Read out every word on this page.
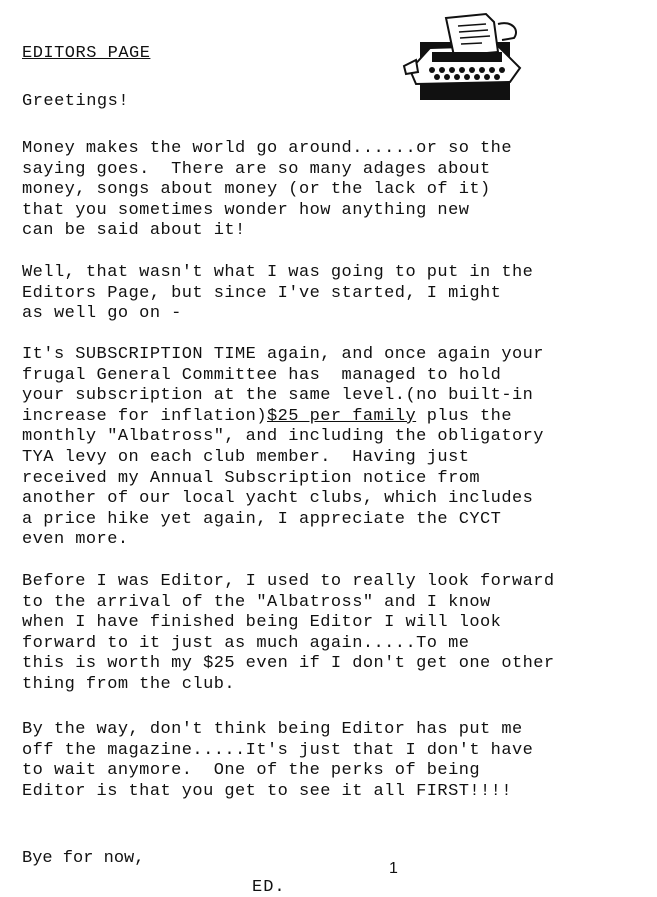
EDITORS PAGE
Greetings!
Money makes the world go around......or so the
saying goes.  There are so many adages about
money, songs about money (or the lack of it)
that you sometimes wonder how anything new
can be said about it!
Well, that wasn't what I was going to put in the
Editors Page, but since I've started, I might
as well go on -
It's SUBSCRIPTION TIME again, and once again your
frugal General Committee has  managed to hold
your subscription at the same level.(no built-in
increase for inflation)$25 per family plus the
monthly "Albatross", and including the obligatory
TYA levy on each club member.  Having just
received my Annual Subscription notice from
another of our local yacht clubs, which includes
a price hike yet again, I appreciate the CYCT
even more.
Before I was Editor, I used to really look forward
to the arrival of the "Albatross" and I know
when I have finished being Editor I will look
forward to it just as much again.....To me
this is worth my $25 even if I don't get one other
thing from the club.
By the way, don't think being Editor has put me
off the magazine.....It's just that I don't have
to wait anymore.  One of the perks of being
Editor is that you get to see it all FIRST!!!!
Bye for now,
1
ED.
